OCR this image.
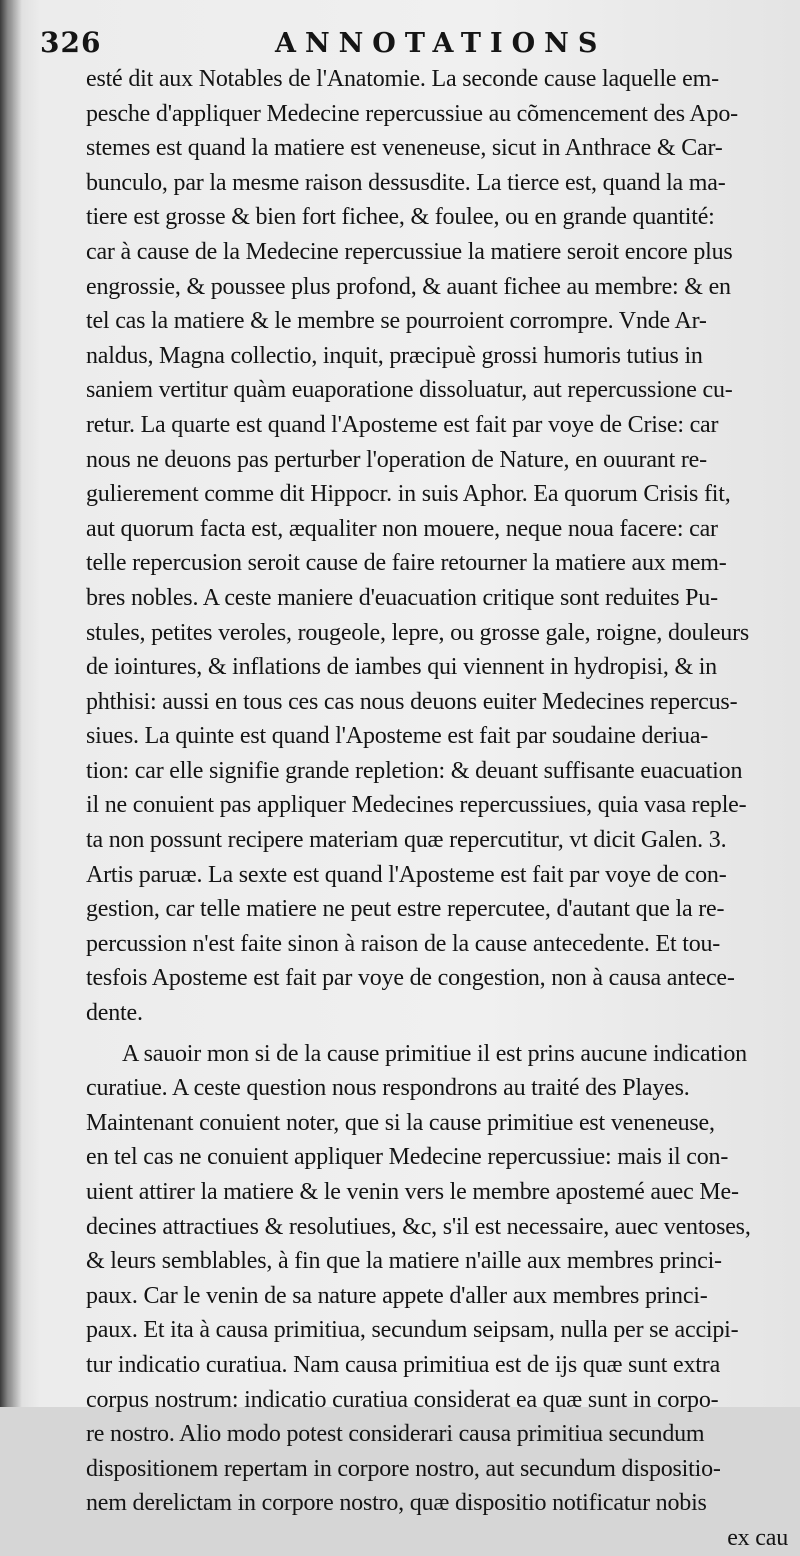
326	ANNOTATIONS
esté dit aux Notables de l'Anatomie. La seconde cause laquelle em-
pesche d'appliquer Medecine repercussiue au cõmencement des Apo-
stemes est quand la matiere est veneneuse, sicut in Anthrace & Car-
bunculo, par la mesme raison dessusdite. La tierce est, quand la ma-
tiere est grosse & bien fort fichee, & foulee, ou en grande quantité:
car à cause de la Medecine repercussiue la matiere seroit encore plus
engrossie, & poussee plus profond, & auant fichee au membre: & en
tel cas la matiere & le membre se pourroient corrompre. Vnde Ar-
naldus, Magna collectio, inquit, præcipuè grossi humoris tutius in
saniem vertitur quàm euaporatione dissoluatur, aut repercussione cu-
retur. La quarte est quand l'Aposteme est fait par voye de Crise: car
nous ne deuons pas perturber l'operation de Nature, en ouurant re-
gulierement comme dit Hippocr. in suis Aphor. Ea quorum Crisis fit,
aut quorum facta est, æqualiter non mouere, neque noua facere: car
telle repercusion seroit cause de faire retourner la matiere aux mem-
bres nobles. A ceste maniere d'euacuation critique sont reduites Pu-
stules, petites veroles, rougeole, lepre, ou grosse gale, roigne, douleurs
de iointures, & inflations de iambes qui viennent in hydropisi, & in
phthisi: aussi en tous ces cas nous deuons euiter Medecines repercus-
siues. La quinte est quand l'Aposteme est fait par soudaine deriua-
tion: car elle signifie grande repletion: & deuant suffisante euacuation
il ne conuient pas appliquer Medecines repercussiues, quia vasa reple-
ta non possunt recipere materiam quæ repercutitur, vt dicit Galen. 3.
Artis paruæ. La sexte est quand l'Aposteme est fait par voye de con-
gestion, car telle matiere ne peut estre repercutee, d'autant que la re-
percussion n'est faite sinon à raison de la cause antecedente. Et tou-
tesfois Aposteme est fait par voye de congestion, non à causa antece-
dente.
A sauoir mon si de la cause primitiue il est prins aucune indication
curatiue. A ceste question nous respondrons au traité des Playes.
Maintenant conuient noter, que si la cause primitiue est veneneuse,
en tel cas ne conuient appliquer Medecine repercussiue: mais il con-
uient attirer la matiere & le venin vers le membre apostemé auec Me-
decines attractiues & resolutiues, &c, s'il est necessaire, auec ventoses,
& leurs semblables, à fin que la matiere n'aille aux membres princi-
paux. Car le venin de sa nature appete d'aller aux membres princi-
paux. Et ita à causa primitiua, secundum seipsam, nulla per se accipi-
tur indicatio curatiua. Nam causa primitiua est de ijs quæ sunt extra
corpus nostrum: indicatio curatiua considerat ea quæ sunt in corpo-
re nostro. Alio modo potest considerari causa primitiua secundum
dispositionem repertam in corpore nostro, aut secundum dispositio-
nem derelictam in corpore nostro, quæ dispositio notificatur nobis
ex cau
